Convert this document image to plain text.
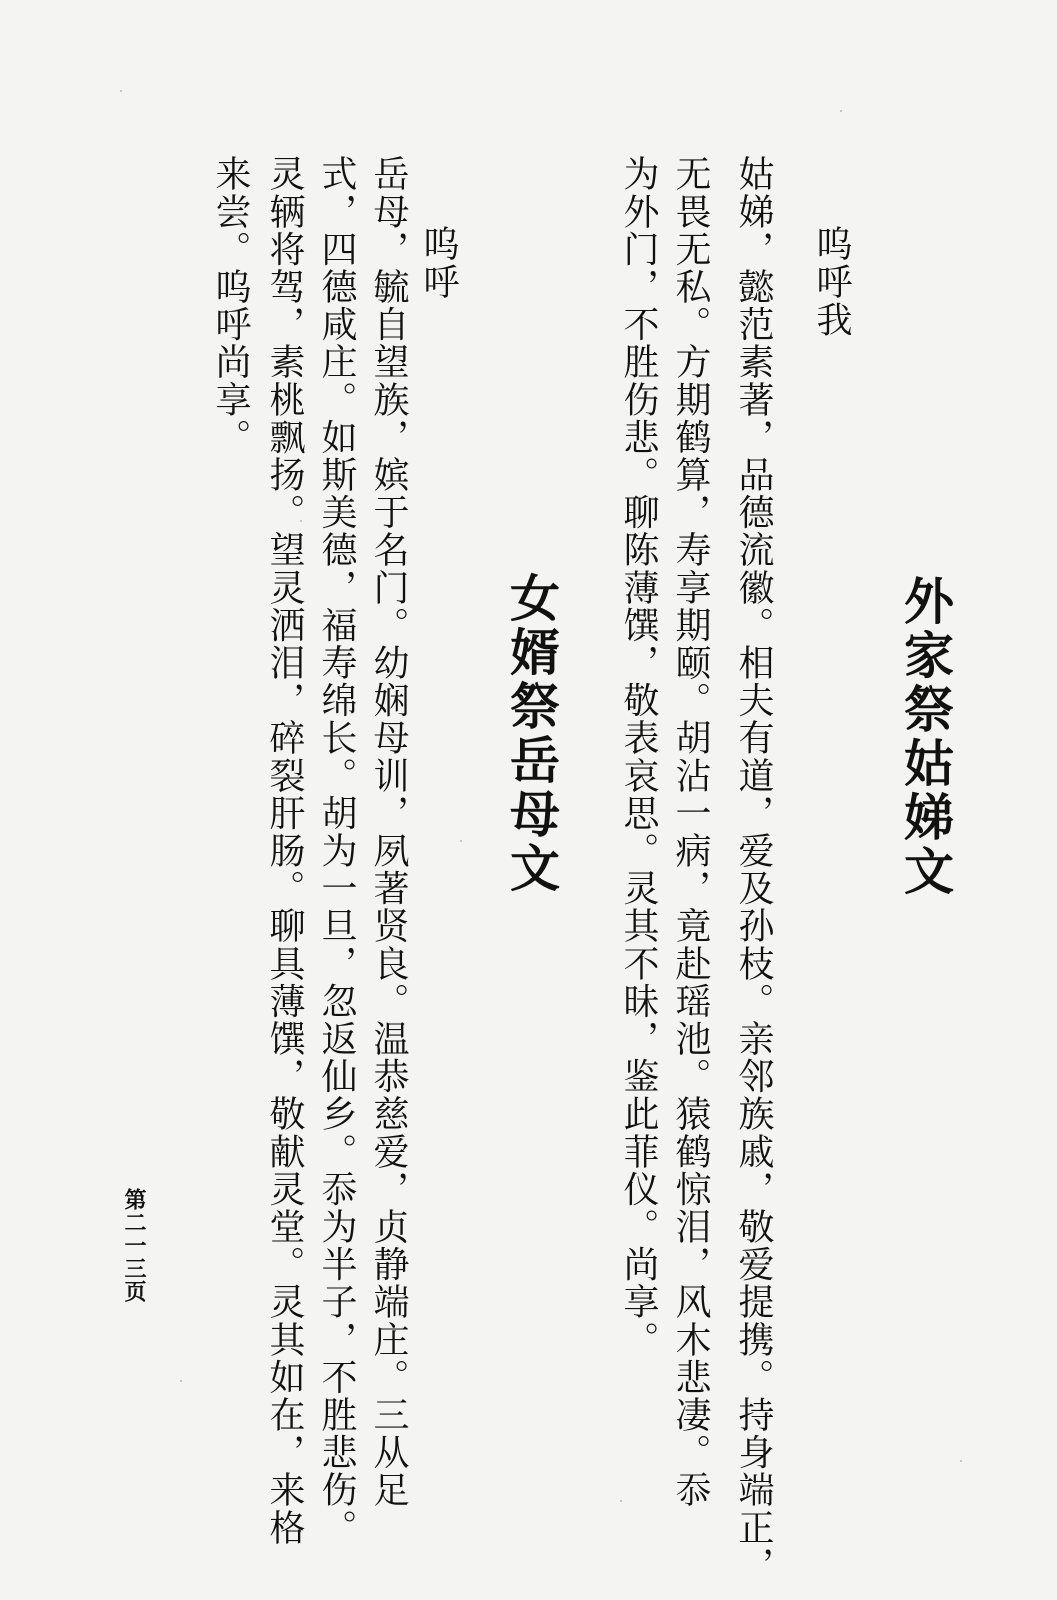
外家祭姑娣文
呜呼我
姑娣，懿范素著，品德流徽。相夫有道，爱及孙枝。亲邻族戚，敬爱提携。持身端正，
无畏无私。方期鹤算，寿享期颐。胡沾一病，竟赴瑶池。猿鹤惊泪，风木悲凄。忝
为外门，不胜伤悲。聊陈薄馔，敬表哀思。灵其不昧，鉴此菲仪。尚享。
女婿祭岳母文
呜呼
岳母，毓自望族，嫔于名门。幼娴母训，夙著贤良。温恭慈爱，贞静端庄。三从足
式，四德咸庄。如斯美德，福寿绵长。胡为一旦，忽返仙乡。忝为半子，不胜悲伤。
灵辆将驾，素桃飘扬。望灵洒泪，碎裂肝肠。聊具薄馔，敬献灵堂。灵其如在，来格
来尝。呜呼尚享。
第二一三页
